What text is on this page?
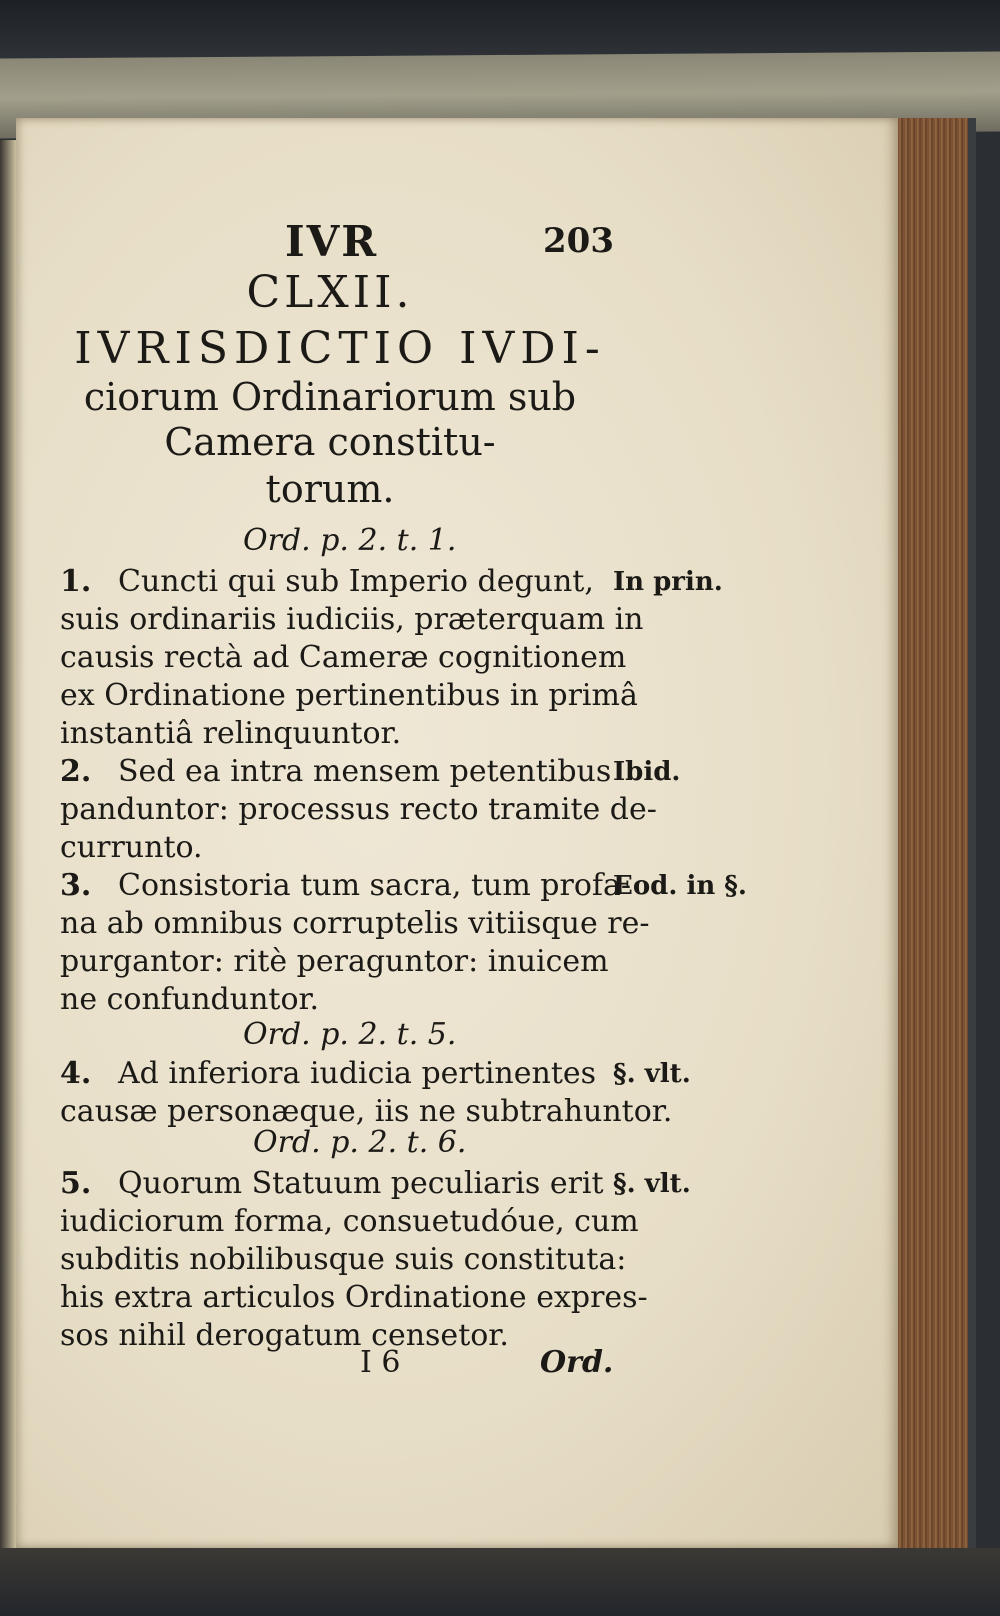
IVR	203
CLXII.
IVRISDICTIO IVDI-
ciorum Ordinariorum sub
Camera constitu-
torum.
Ord. p. 2. t. 1.
1. Cuncti qui sub Imperio degunt,
suis ordinariis iudiciis, præterquam in
causis rectà ad Cameræ cognitionem
ex Ordinatione pertinentibus in primâ
instantiâ relinquuntor.
2. Sed ea intra mensem petentibus
panduntor: processus recto tramite de-
currunto.
3. Consistoria tum sacra, tum profa-
na ab omnibus corruptelis vitiisque re-
purgantor: ritè peraguntor: inuicem
ne confunduntor.
Ord. p. 2. t. 5.
4. Ad inferiora iudicia pertinentes
causæ personæque, iis ne subtrahuntor.
Ord. p. 2. t. 6.
5. Quorum Statuum peculiaris erit
iudiciorum forma, consuetudóue, cum
subditis nobilibusque suis constituta:
his extra articulos Ordinatione expres-
sos nihil derogatum censetor.
In prin.
Ibid.
Eod. in §.
§. vlt.
§. vlt.
I 6	Ord.
